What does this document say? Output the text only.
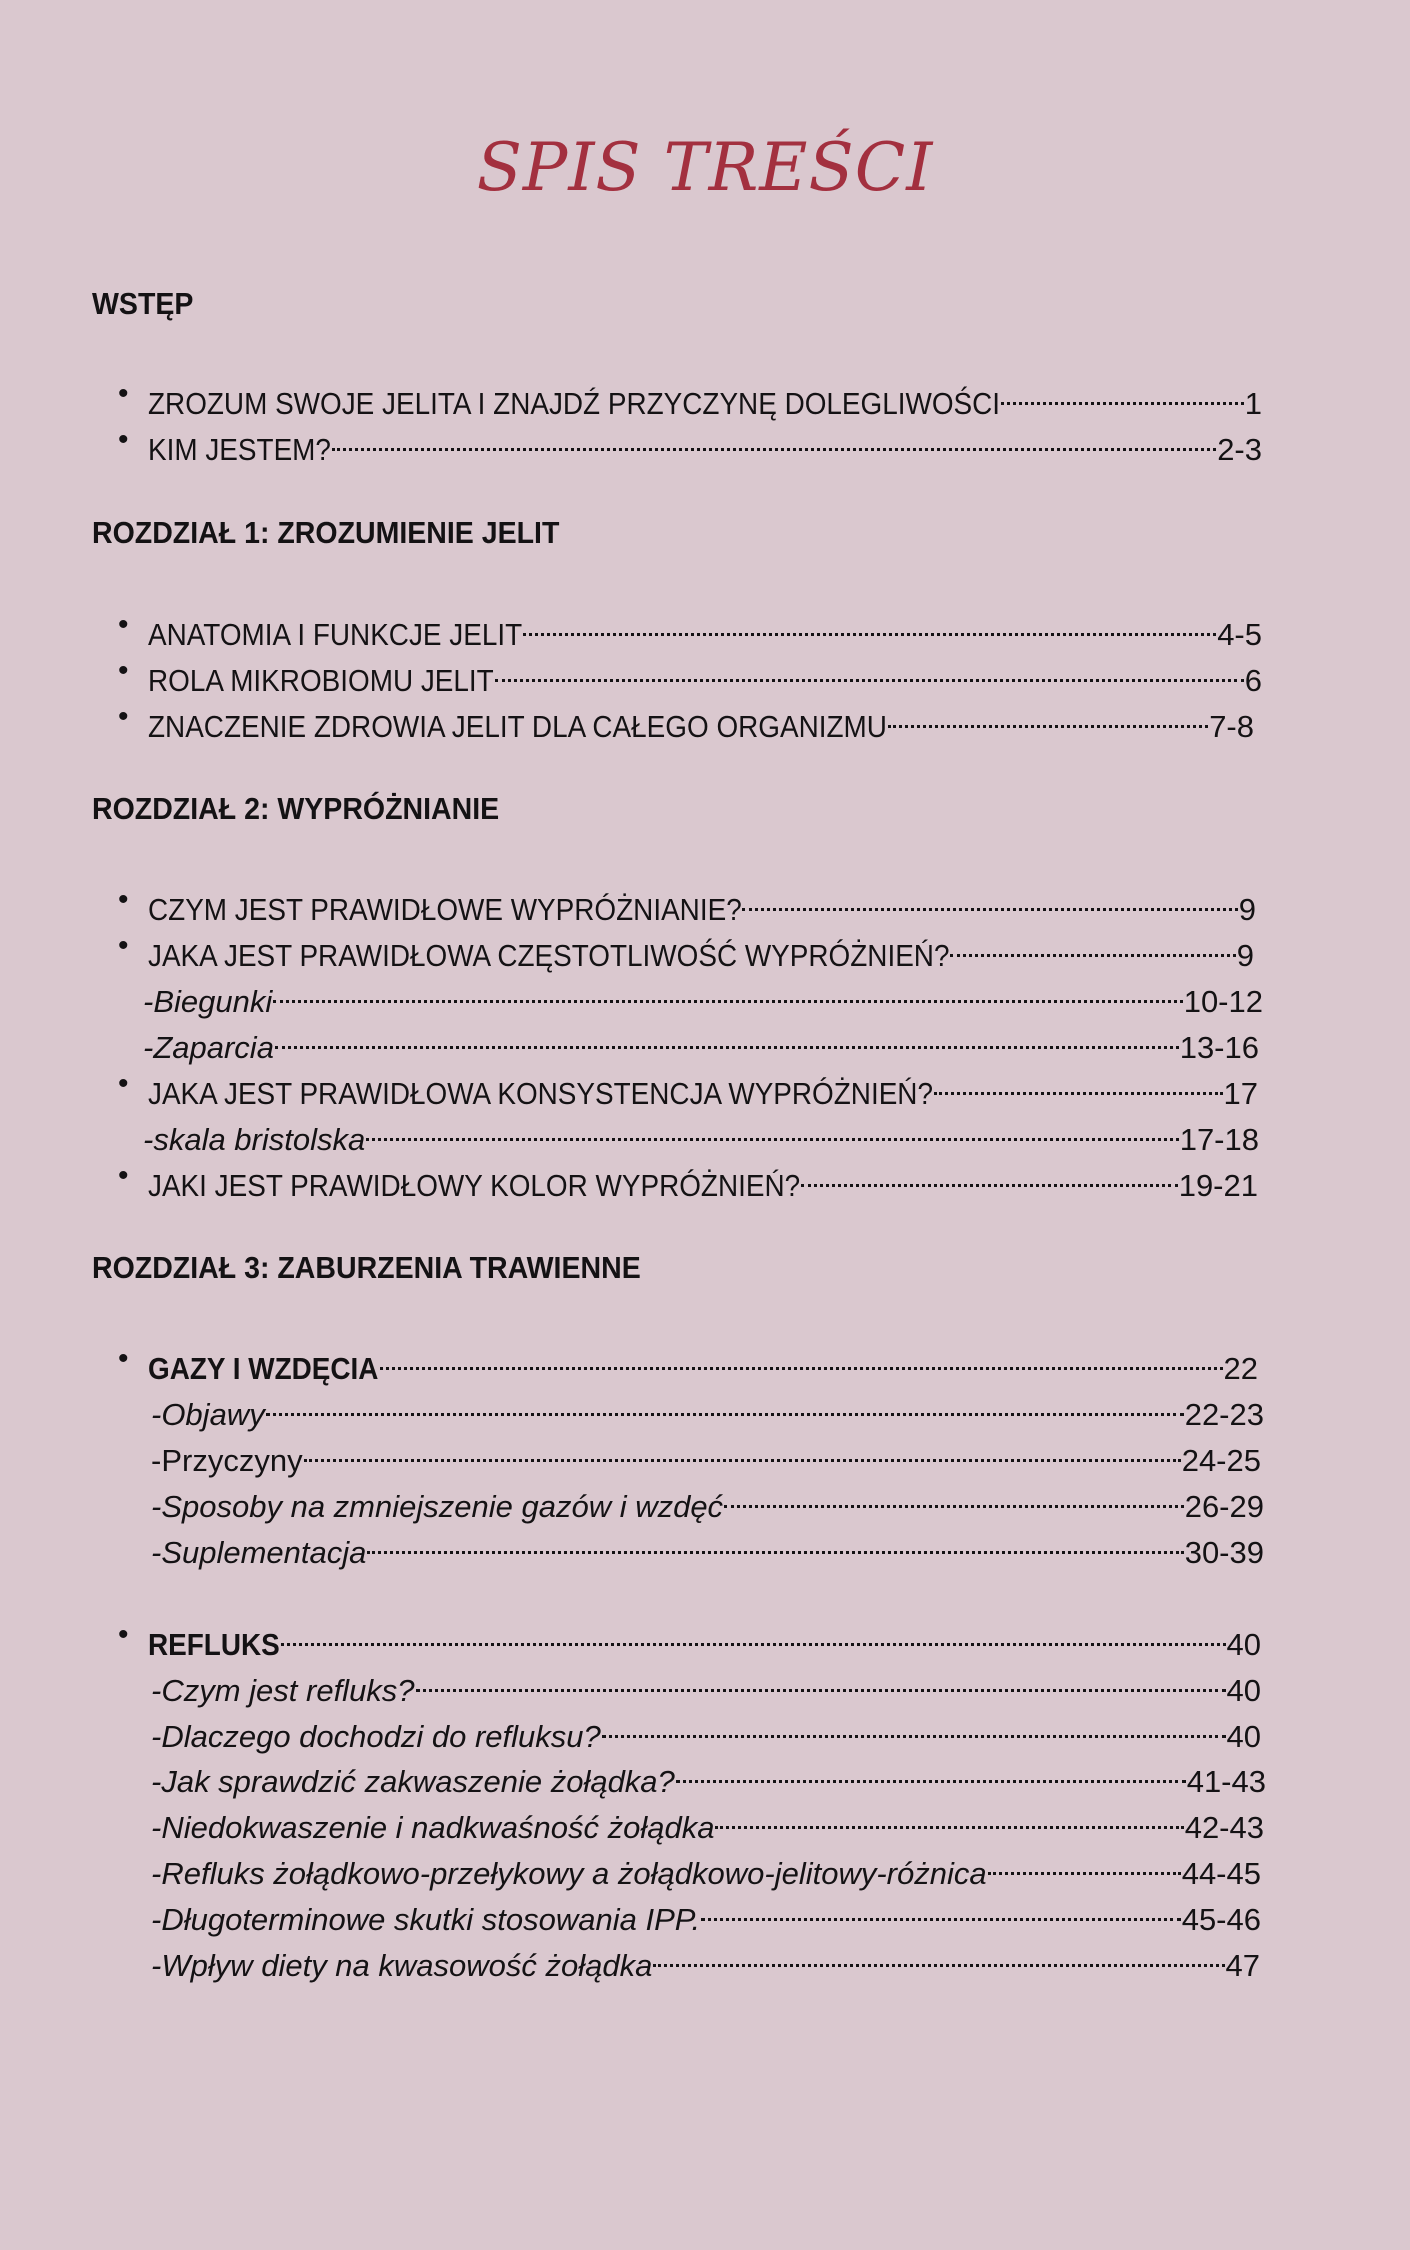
SPIS TREŚCI
WSTĘP
• ZROZUM SWOJE JELITA I ZNAJDŹ PRZYCZYNĘ DOLEGLIWOŚCI	1
• KIM JESTEM?	2-3
ROZDZIAŁ 1: ZROZUMIENIE JELIT
• ANATOMIA I FUNKCJE JELIT	4-5
• ROLA MIKROBIOMU JELIT	6
• ZNACZENIE ZDROWIA JELIT DLA CAŁEGO ORGANIZMU	7-8
ROZDZIAŁ 2: WYPRÓŻNIANIE
• CZYM JEST PRAWIDŁOWE WYPRÓŻNIANIE?	9
• JAKA JEST PRAWIDŁOWA CZĘSTOTLIWOŚĆ WYPRÓŻNIEŃ?	9
-Biegunki	10-12
-Zaparcia	13-16
• JAKA JEST PRAWIDŁOWA KONSYSTENCJA WYPRÓŻNIEŃ?	17
-skala bristolska	17-18
• JAKI JEST PRAWIDŁOWY KOLOR WYPRÓŻNIEŃ?	19-21
ROZDZIAŁ 3: ZABURZENIA TRAWIENNE
• GAZY I WZDĘCIA	22
-Objawy	22-23
-Przyczyny	24-25
-Sposoby na zmniejszenie gazów i wzdęć	26-29
-Suplementacja	30-39
• REFLUKS	40
-Czym jest refluks?	40
-Dlaczego dochodzi do refluksu?	40
-Jak sprawdzić zakwaszenie żołądka?	41-43
-Niedokwaszenie i nadkwaśność żołądka	42-43
-Refluks żołądkowo-przełykowy a żołądkowo-jelitowy-różnica	44-45
-Długoterminowe skutki stosowania IPP.	45-46
-Wpływ diety na kwasowość żołądka	47
